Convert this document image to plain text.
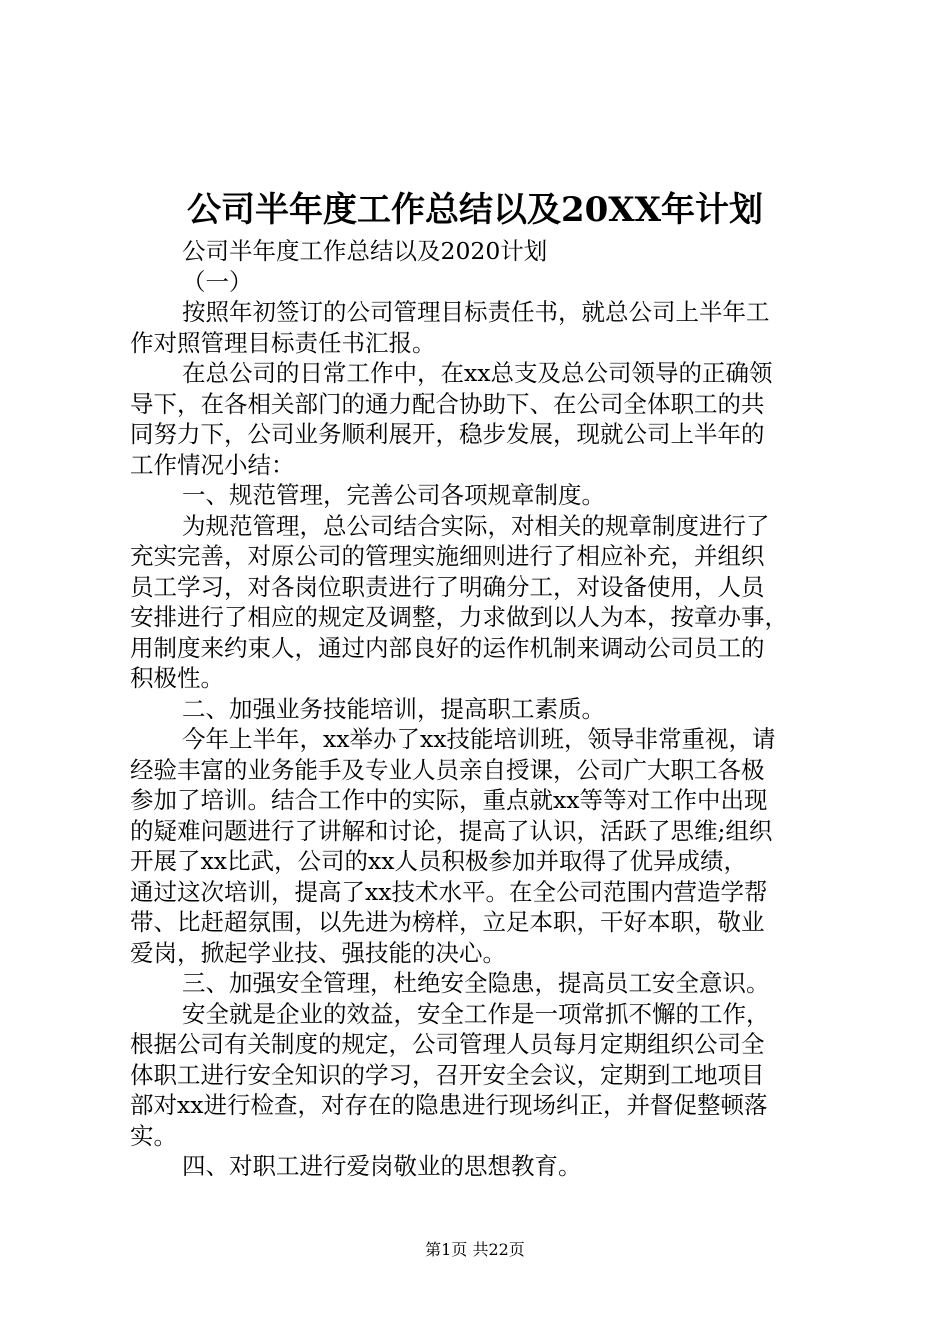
公司半年度工作总结以及20XX年计划

公司半年度工作总结以及2020计划

（一）

按照年初签订的公司管理目标责任书，就总公司上半年工

作对照管理目标责任书汇报。

在总公司的日常工作中，在xx总支及总公司领导的正确领

导下，在各相关部门的通力配合协助下、在公司全体职工的共

同努力下，公司业务顺利展开，稳步发展，现就公司上半年的

工作情况小结：

一、规范管理，完善公司各项规章制度。

为规范管理，总公司结合实际，对相关的规章制度进行了

充实完善，对原公司的管理实施细则进行了相应补充，并组织

员工学习，对各岗位职责进行了明确分工，对设备使用，人员

安排进行了相应的规定及调整，力求做到以人为本，按章办事，

用制度来约束人，通过内部良好的运作机制来调动公司员工的

积极性。

二、加强业务技能培训，提高职工素质。

今年上半年，xx举办了xx技能培训班，领导非常重视，请

经验丰富的业务能手及专业人员亲自授课，公司广大职工各极

参加了培训。结合工作中的实际，重点就xx等等对工作中出现

的疑难问题进行了讲解和讨论，提高了认识，活跃了思维;组织

开展了xx比武，公司的xx人员积极参加并取得了优异成绩，

通过这次培训，提高了xx技术水平。在全公司范围内营造学帮

带、比赶超氛围，以先进为榜样，立足本职，干好本职，敬业

爱岗，掀起学业技、强技能的决心。

三、加强安全管理，杜绝安全隐患，提高员工安全意识。

安全就是企业的效益，安全工作是一项常抓不懈的工作，

根据公司有关制度的规定，公司管理人员每月定期组织公司全

体职工进行安全知识的学习，召开安全会议，定期到工地项目

部对xx进行检查，对存在的隐患进行现场纠正，并督促整顿落

实。

四、对职工进行爱岗敬业的思想教育。

第1页 共22页
